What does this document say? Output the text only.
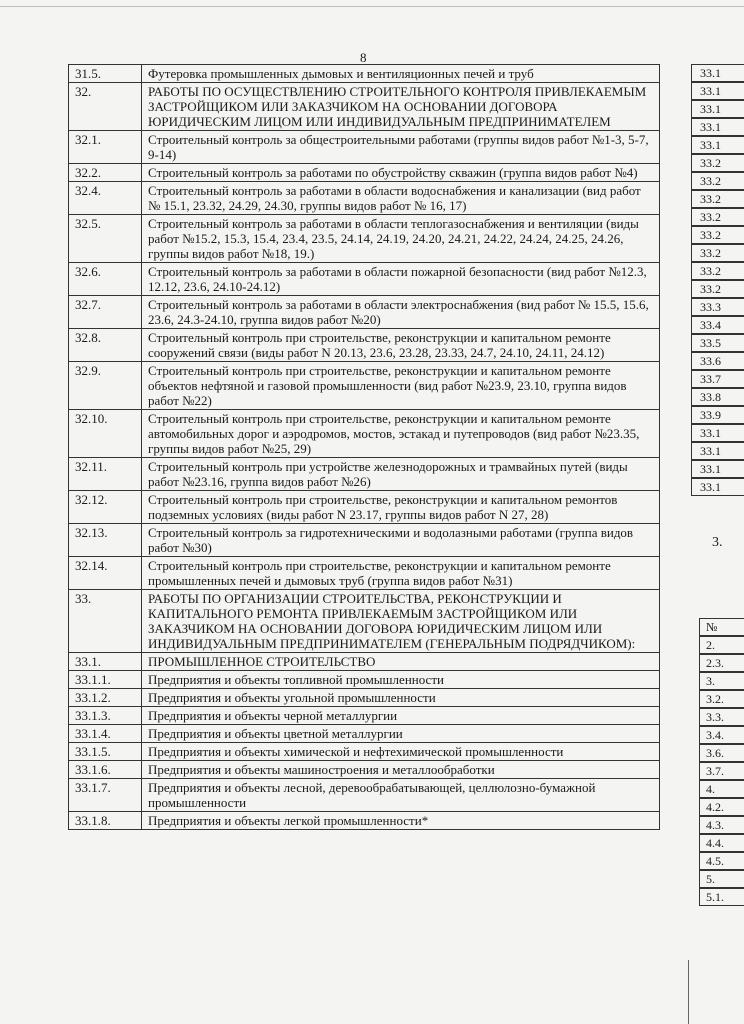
8
31.5.	Футеровка промышленных дымовых и вентиляционных печей и труб
32.	РАБОТЫ ПО ОСУЩЕСТВЛЕНИЮ СТРОИТЕЛЬНОГО КОНТРОЛЯ ПРИВЛЕКАЕМЫМ ЗАСТРОЙЩИКОМ ИЛИ ЗАКАЗЧИКОМ НА ОСНОВАНИИ ДОГОВОРА ЮРИДИЧЕСКИМ ЛИЦОМ ИЛИ ИНДИВИДУАЛЬНЫМ ПРЕДПРИНИМАТЕЛЕМ
32.1.	Строительный контроль за общестроительными работами (группы видов работ №1-3, 5-7, 9-14)
32.2.	Строительный контроль за работами по обустройству скважин (группа видов работ №4)
32.4.	Строительный контроль за работами в области водоснабжения и канализации (вид работ № 15.1, 23.32, 24.29, 24.30, группы видов работ № 16, 17)
32.5.	Строительный контроль за работами в области теплогазоснабжения и вентиляции (виды работ №15.2, 15.3, 15.4, 23.4, 23.5, 24.14, 24.19, 24.20, 24.21, 24.22, 24.24, 24.25, 24.26, группы видов работ №18, 19.)
32.6.	Строительный контроль за работами в области пожарной безопасности (вид работ №12.3, 12.12, 23.6, 24.10-24.12)
32.7.	Строительный контроль за работами в области электроснабжения (вид работ № 15.5, 15.6, 23.6, 24.3-24.10, группа видов работ №20)
32.8.	Строительный контроль при строительстве, реконструкции и капитальном ремонте сооружений связи (виды работ N 20.13, 23.6, 23.28, 23.33, 24.7, 24.10, 24.11, 24.12)
32.9.	Строительный контроль при строительстве, реконструкции и капитальном ремонте объектов нефтяной и газовой промышленности (вид работ №23.9, 23.10, группа видов работ №22)
32.10.	Строительный контроль при строительстве, реконструкции и капитальном ремонте автомобильных дорог и аэродромов, мостов, эстакад и путепроводов (вид работ №23.35, группы видов работ №25, 29)
32.11.	Строительный контроль при устройстве железнодорожных и трамвайных путей (виды работ №23.16, группа видов работ №26)
32.12.	Строительный контроль при строительстве, реконструкции и капитальном ремонтов подземных условиях (виды работ N 23.17, группы видов работ N 27, 28)
32.13.	Строительный контроль за гидротехническими и водолазными работами (группа видов работ №30)
32.14.	Строительный контроль при строительстве, реконструкции и капитальном ремонте промышленных печей и дымовых труб (группа видов работ №31)
33.	РАБОТЫ ПО ОРГАНИЗАЦИИ СТРОИТЕЛЬСТВА, РЕКОНСТРУКЦИИ И КАПИТАЛЬНОГО РЕМОНТА ПРИВЛЕКАЕМЫМ ЗАСТРОЙЩИКОМ ИЛИ ЗАКАЗЧИКОМ НА ОСНОВАНИИ ДОГОВОРА ЮРИДИЧЕСКИМ ЛИЦОМ ИЛИ ИНДИВИДУАЛЬНЫМ ПРЕДПРИНИМАТЕЛЕМ (ГЕНЕРАЛЬНЫМ ПОДРЯДЧИКОМ):
33.1.	ПРОМЫШЛЕННОЕ СТРОИТЕЛЬСТВО
33.1.1.	Предприятия и объекты топливной промышленности
33.1.2.	Предприятия и объекты угольной промышленности
33.1.3.	Предприятия и объекты черной металлургии
33.1.4.	Предприятия и объекты цветной металлургии
33.1.5.	Предприятия и объекты химической и нефтехимической промышленности
33.1.6.	Предприятия и объекты машиностроения и металлообработки
33.1.7.	Предприятия и объекты лесной, деревообрабатывающей, целлюлозно-бумажной промышленности
33.1.8.	Предприятия и объекты легкой промышленности*
33.1
33.1
33.1
33.1
33.1
33.2
33.2
33.2
33.2
33.2
33.2
33.2
33.2
33.3
33.4
33.5
33.6
33.7
33.8
33.9
33.1
33.1
33.1
33.1
3.
№
2.
2.3.
3.
3.2.
3.3.
3.4.
3.6.
3.7.
4.
4.2.
4.3.
4.4.
4.5.
5.
5.1.
